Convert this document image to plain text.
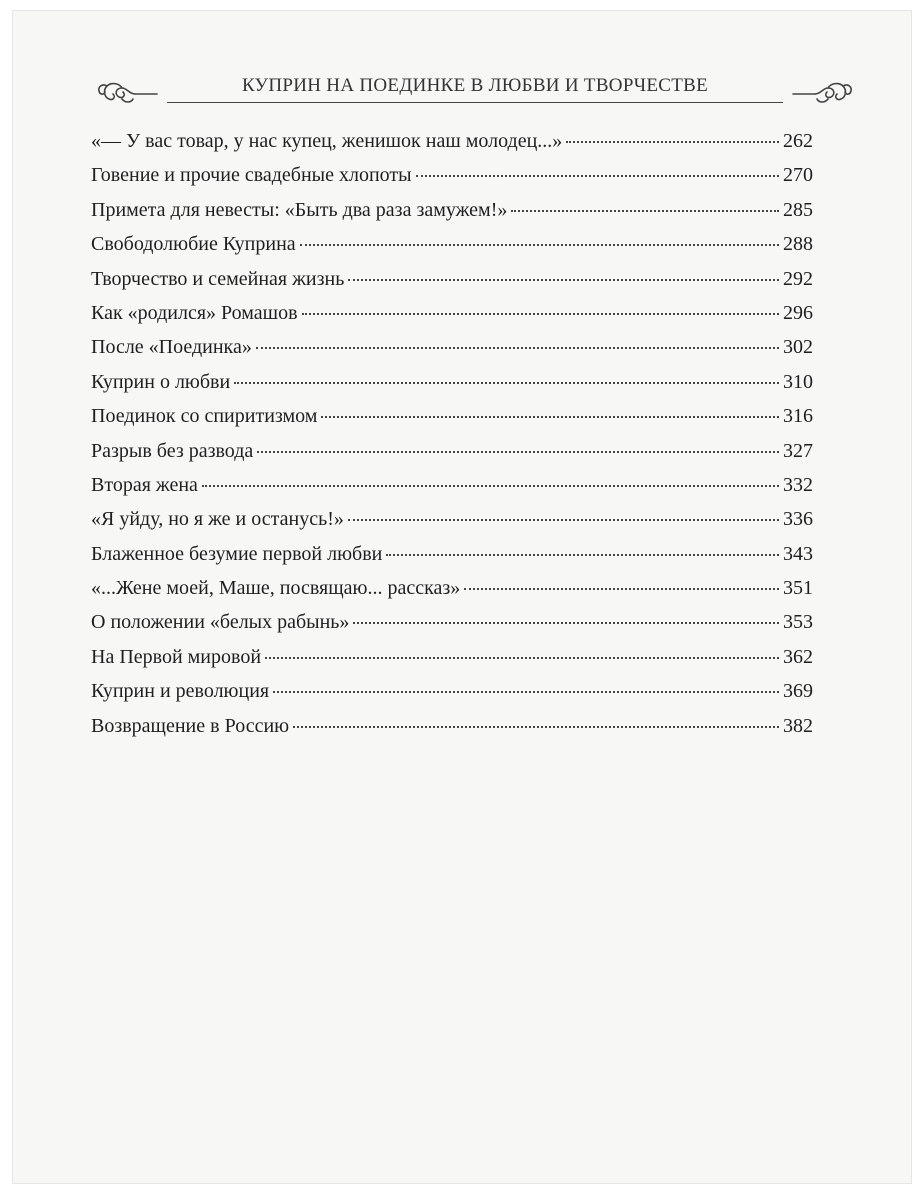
КУПРИН НА ПОЕДИНКЕ В ЛЮБВИ И ТВОРЧЕСТВЕ
«— У вас товар, у нас купец, женишок наш молодец...»	262
Говение и прочие свадебные хлопоты	270
Примета для невесты: «Быть два раза замужем!»	285
Свободолюбие Куприна	288
Творчество и семейная жизнь	292
Как «родился» Ромашов	296
После «Поединка»	302
Куприн о любви	310
Поединок со спиритизмом	316
Разрыв без развода	327
Вторая жена	332
«Я уйду, но я же и останусь!»	336
Блаженное безумие первой любви	343
«...Жене моей, Маше, посвящаю... рассказ»	351
О положении «белых рабынь»	353
На Первой мировой	362
Куприн и революция	369
Возвращение в Россию	382
